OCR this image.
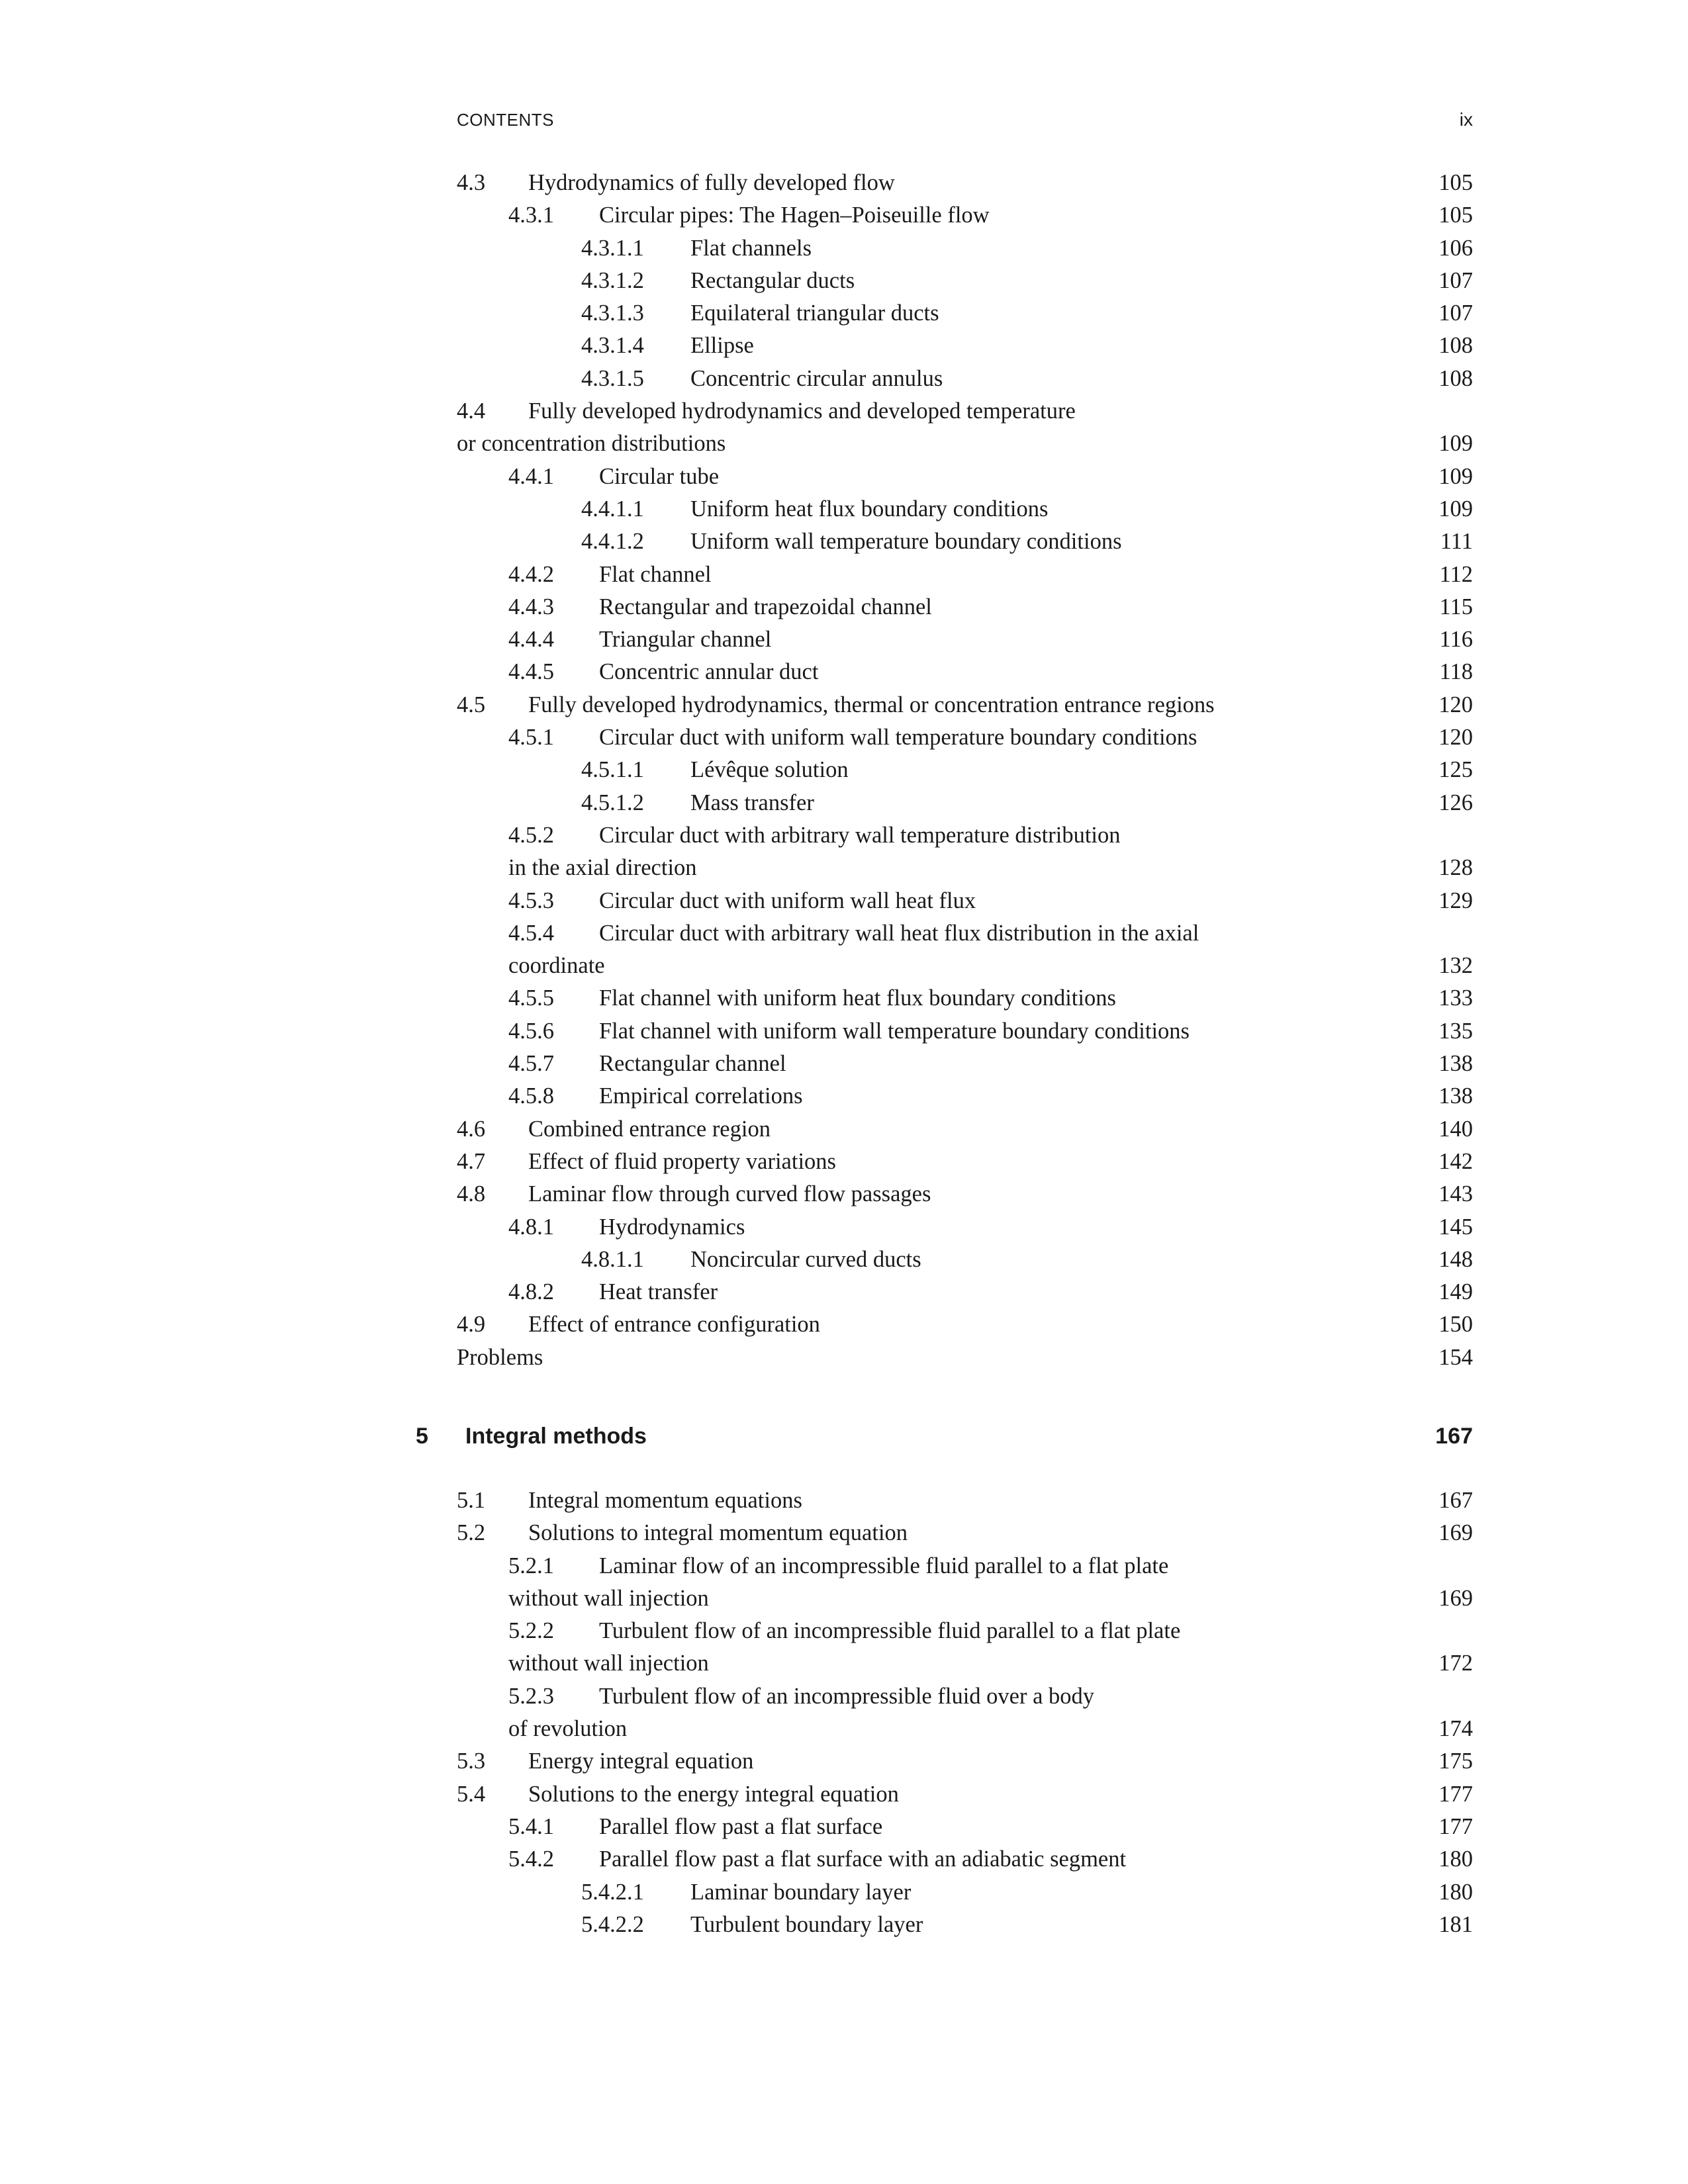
CONTENTS	ix
4.3	Hydrodynamics of fully developed flow	105
4.3.1	Circular pipes: The Hagen–Poiseuille flow	105
4.3.1.1	Flat channels	106
4.3.1.2	Rectangular ducts	107
4.3.1.3	Equilateral triangular ducts	107
4.3.1.4	Ellipse	108
4.3.1.5	Concentric circular annulus	108
4.4	Fully developed hydrodynamics and developed temperature
or concentration distributions	109
4.4.1	Circular tube	109
4.4.1.1	Uniform heat flux boundary conditions	109
4.4.1.2	Uniform wall temperature boundary conditions	111
4.4.2	Flat channel	112
4.4.3	Rectangular and trapezoidal channel	115
4.4.4	Triangular channel	116
4.4.5	Concentric annular duct	118
4.5	Fully developed hydrodynamics, thermal or concentration entrance regions	120
4.5.1	Circular duct with uniform wall temperature boundary conditions	120
4.5.1.1	Lévêque solution	125
4.5.1.2	Mass transfer	126
4.5.2	Circular duct with arbitrary wall temperature distribution
in the axial direction	128
4.5.3	Circular duct with uniform wall heat flux	129
4.5.4	Circular duct with arbitrary wall heat flux distribution in the axial
coordinate	132
4.5.5	Flat channel with uniform heat flux boundary conditions	133
4.5.6	Flat channel with uniform wall temperature boundary conditions	135
4.5.7	Rectangular channel	138
4.5.8	Empirical correlations	138
4.6	Combined entrance region	140
4.7	Effect of fluid property variations	142
4.8	Laminar flow through curved flow passages	143
4.8.1	Hydrodynamics	145
4.8.1.1	Noncircular curved ducts	148
4.8.2	Heat transfer	149
4.9	Effect of entrance configuration	150
Problems	154
5	Integral methods	167
5.1	Integral momentum equations	167
5.2	Solutions to integral momentum equation	169
5.2.1	Laminar flow of an incompressible fluid parallel to a flat plate
without wall injection	169
5.2.2	Turbulent flow of an incompressible fluid parallel to a flat plate
without wall injection	172
5.2.3	Turbulent flow of an incompressible fluid over a body
of revolution	174
5.3	Energy integral equation	175
5.4	Solutions to the energy integral equation	177
5.4.1	Parallel flow past a flat surface	177
5.4.2	Parallel flow past a flat surface with an adiabatic segment	180
5.4.2.1	Laminar boundary layer	180
5.4.2.2	Turbulent boundary layer	181
